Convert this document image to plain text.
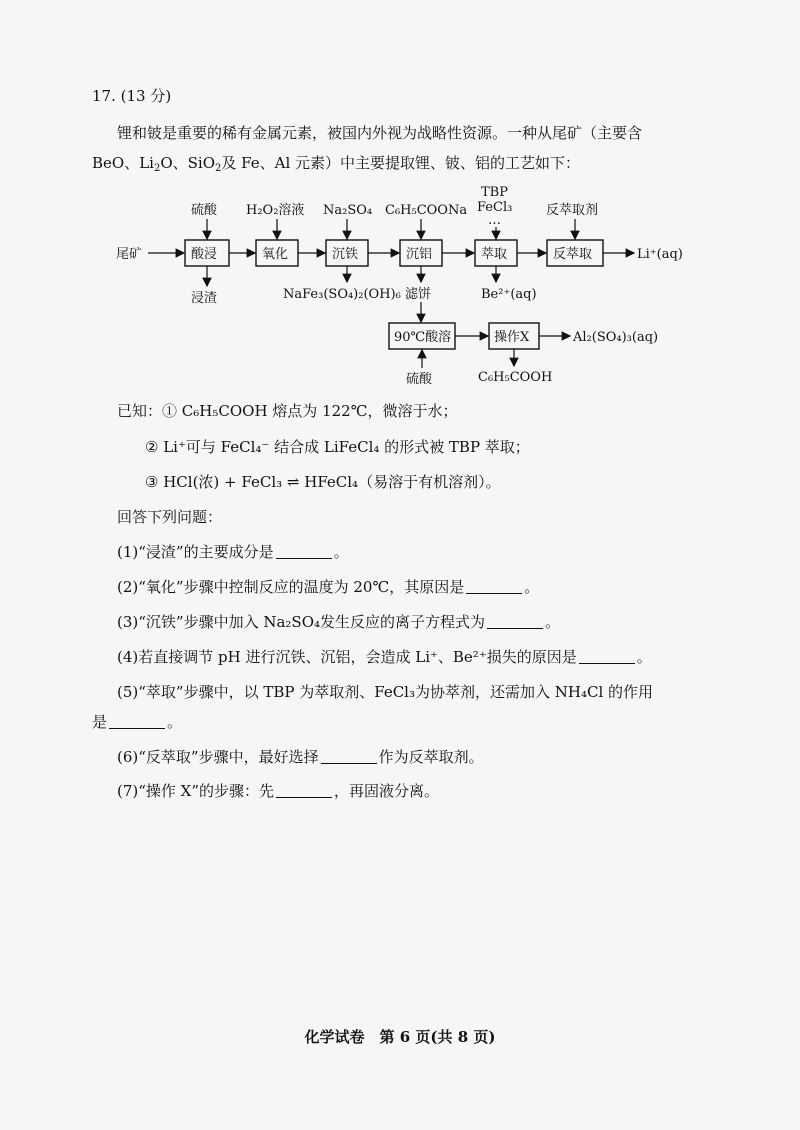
17. (13 分)
锂和铍是重要的稀有金属元素，被国内外视为战略性资源。一种从尾矿（主要含
BeO、$Li_2O$、SiO$_2$及 Fe、Al 元素）中主要提取锂、铍、铝的工艺如下：
尾矿	酸浸	氧化	沉铁	沉铝	萃取	反萃取	Li⁺(aq)
硫酸 H₂O₂溶液 Na₂SO₄ C₆H₅COONa
TBP
FeCl₃
…
反萃取剂
浸渣	NaFe₃(SO₄)₂(OH)₆ 滤饼	Be²⁺(aq)
90℃酸溶	操作X	Al₂(SO₄)₃(aq)
硫酸	C₆H₅COOH
已知：① C₆H₅COOH 熔点为 122℃，微溶于水；
② Li⁺可与 FeCl₄⁻ 结合成 LiFeCl₄ 的形式被 TBP 萃取；
③ HCl(浓) + FeCl₃ ⇌ HFeCl₄（易溶于有机溶剂）。
回答下列问题：
(1)“浸渣”的主要成分是	。
(2)“氧化”步骤中控制反应的温度为 20℃，其原因是	。
(3)“沉铁”步骤中加入 Na₂SO₄发生反应的离子方程式为	。
(4)若直接调节 pH 进行沉铁、沉铝，会造成 Li⁺、Be²⁺损失的原因是	。
(5)“萃取”步骤中，以 TBP 为萃取剂、FeCl₃为协萃剂，还需加入 NH₄Cl 的作用
是	。
(6)“反萃取”步骤中，最好选择	作为反萃取剂。
(7)“操作 X”的步骤：先	，再固液分离。
化学试卷　第 6 页(共 8 页)
